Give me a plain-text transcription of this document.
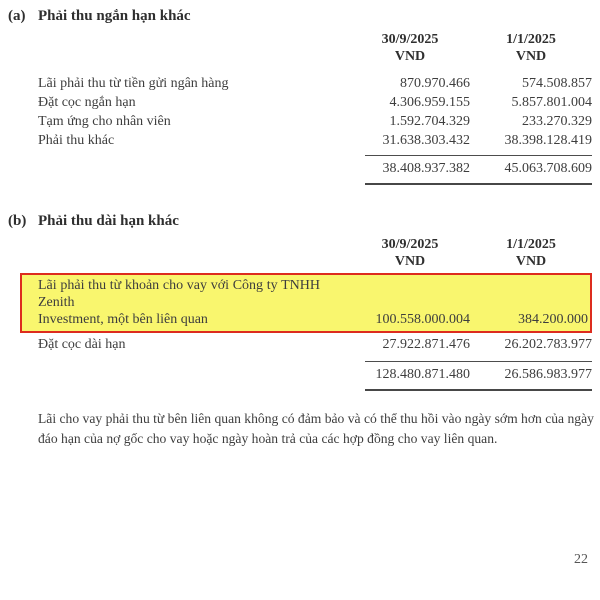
(a) Phải thu ngắn hạn khác
30/9/2025
VND
1/1/2025
VND
Lãi phải thu từ tiền gửi ngân hàng	870.970.466	574.508.857
Đặt cọc ngắn hạn	4.306.959.155	5.857.801.004
Tạm ứng cho nhân viên	1.592.704.329	233.270.329
Phải thu khác	31.638.303.432	38.398.128.419
38.408.937.382	45.063.708.609
(b) Phải thu dài hạn khác
30/9/2025
VND
1/1/2025
VND
Lãi phải thu từ khoản cho vay với Công ty TNHH Zenith
Investment, một bên liên quan	100.558.000.004	384.200.000
Đặt cọc dài hạn	27.922.871.476	26.202.783.977
128.480.871.480	26.586.983.977
Lãi cho vay phải thu từ bên liên quan không có đảm bảo và có thể thu hồi vào ngày sớm hơn của ngày
đáo hạn của nợ gốc cho vay hoặc ngày hoàn trả của các hợp đồng cho vay liên quan.
22
